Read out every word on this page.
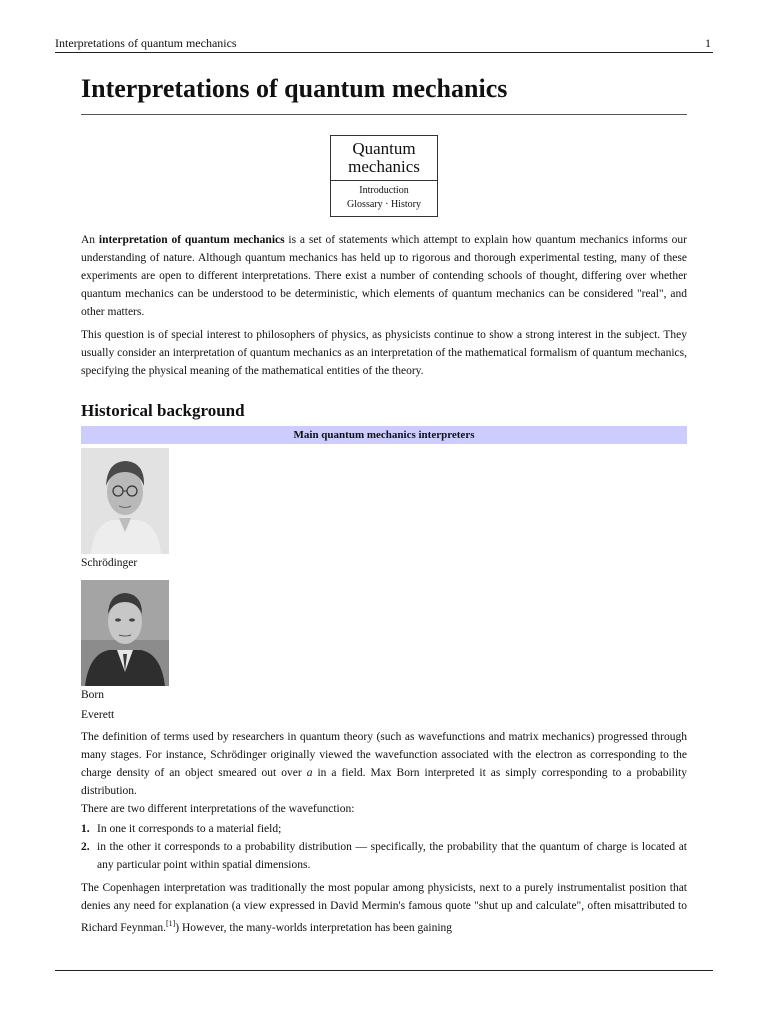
Interpretations of quantum mechanics	1
Interpretations of quantum mechanics
Quantum
mechanics
Introduction
Glossary · History

An interpretation of quantum mechanics is a set of statements which attempt to explain how quantum mechanics informs our understanding of nature. Although quantum mechanics has held up to rigorous and thorough experimental testing, many of these experiments are open to different interpretations. There exist a number of contending schools of thought, differing over whether quantum mechanics can be understood to be deterministic, which elements of quantum mechanics can be considered "real", and other matters.

This question is of special interest to philosophers of physics, as physicists continue to show a strong interest in the subject. They usually consider an interpretation of quantum mechanics as an interpretation of the mathematical formalism of quantum mechanics, specifying the physical meaning of the mathematical entities of the theory.

Historical background
Main quantum mechanics interpreters
Schrödinger
Born
Everett

The definition of terms used by researchers in quantum theory (such as wavefunctions and matrix mechanics) progressed through many stages. For instance, Schrödinger originally viewed the wavefunction associated with the electron as corresponding to the charge density of an object smeared out over a in a field. Max Born interpreted it as simply corresponding to a probability distribution.

There are two different interpretations of the wavefunction:

1. In one it corresponds to a material field;
2. in the other it corresponds to a probability distribution — specifically, the probability that the quantum of charge is located at any particular point within spatial dimensions.

The Copenhagen interpretation was traditionally the most popular among physicists, next to a purely instrumentalist position that denies any need for explanation (a view expressed in David Mermin's famous quote "shut up and calculate", often misattributed to Richard Feynman.[1]) However, the many-worlds interpretation has been gaining
